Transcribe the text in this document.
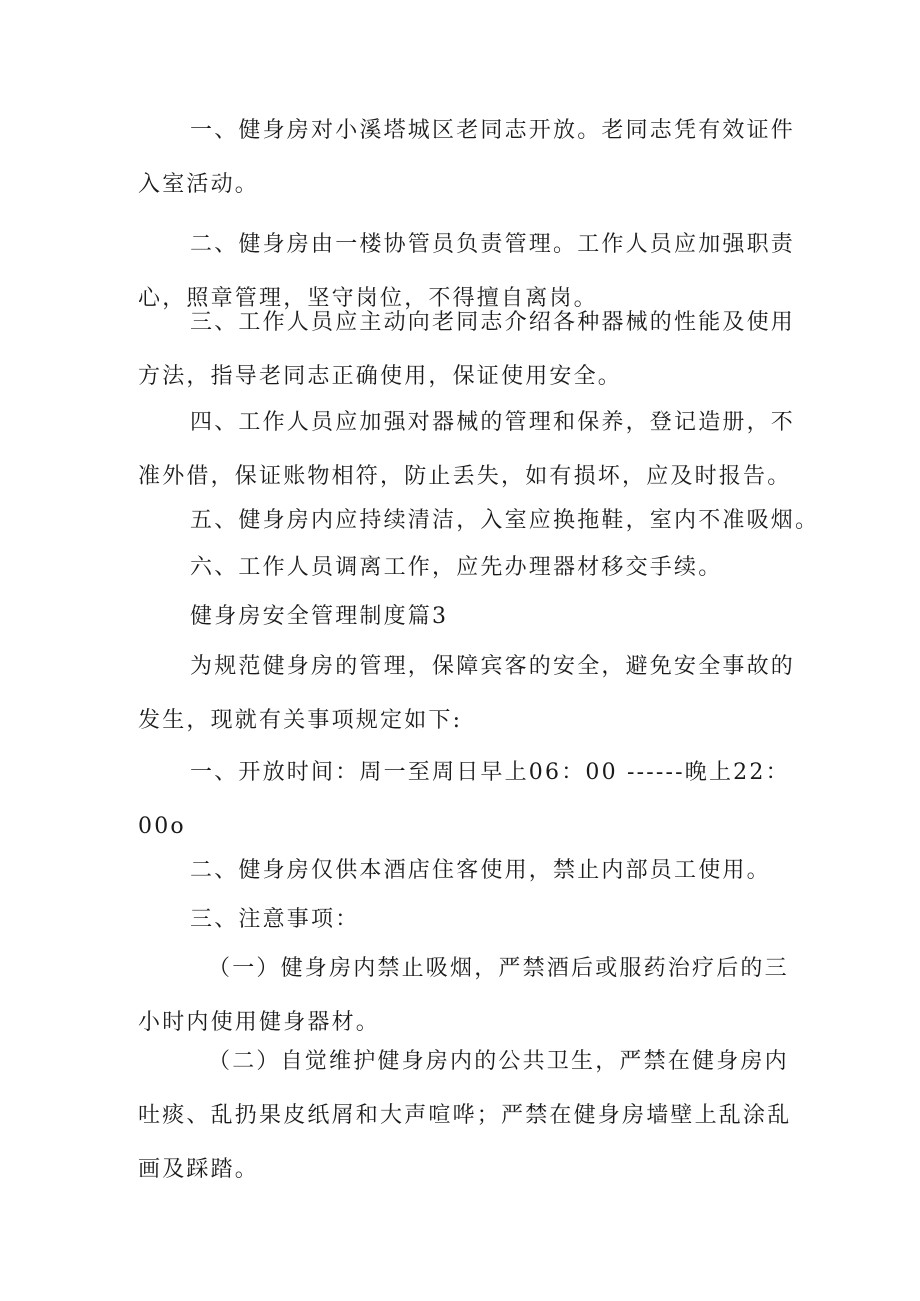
一、健身房对小溪塔城区老同志开放。老同志凭有效证件入室活动。

二、健身房由一楼协管员负责管理。工作人员应加强职责心，照章管理，坚守岗位，不得擅自离岗。

三、工作人员应主动向老同志介绍各种器械的性能及使用方法，指导老同志正确使用，保证使用安全。

四、工作人员应加强对器械的管理和保养，登记造册，不准外借，保证账物相符，防止丢失，如有损坏，应及时报告。

五、健身房内应持续清洁，入室应换拖鞋，室内不准吸烟。

六、工作人员调离工作，应先办理器材移交手续。

健身房安全管理制度篇3

为规范健身房的管理，保障宾客的安全，避免安全事故的发生，现就有关事项规定如下:

一、开放时间：周一至周日早上06：00 ------晚上22：00o

二、健身房仅供本酒店住客使用，禁止内部员工使用。

三、注意事项：

（一）健身房内禁止吸烟，严禁酒后或服药治疗后的三小时内使用健身器材。

（二）自觉维护健身房内的公共卫生，严禁在健身房内吐痰、乱扔果皮纸屑和大声喧哗；严禁在健身房墙壁上乱涂乱画及踩踏。
